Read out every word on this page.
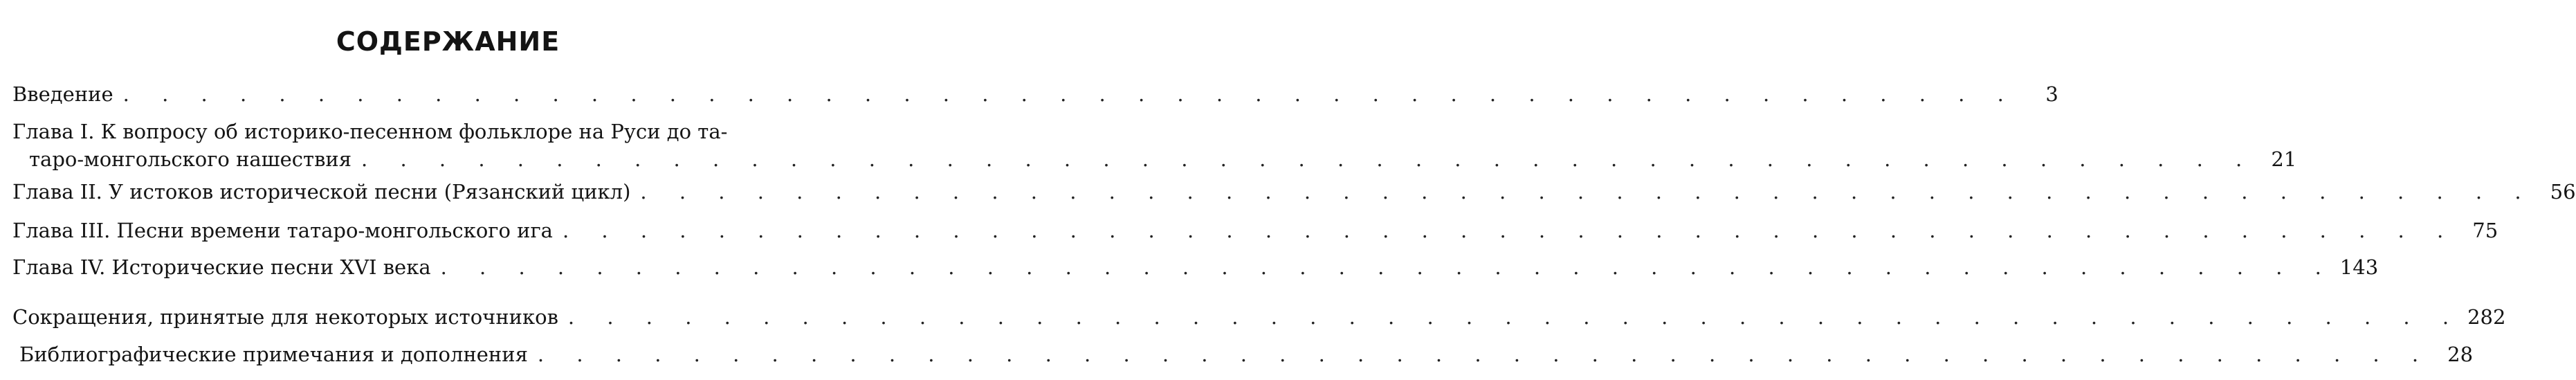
СОДЕРЖАНИЕ
Введение . . . . . . . . . . . . . . . . . . . . . . . . . . . . . . . . . . . . . . . . . . . . . . . . .	3
Глава I. К вопросу об историко-песенном фольклоре на Руси до та-
таро-монгольского нашествия . . . . . . . . . . . . . . . . . . . . . . . . . . . . . . . . . . . . . . . . . . . . . . . . . 21
Глава II. У истоков исторической песни (Рязанский цикл) . . . . . . . . . . . . . . . . . . . . . . . . . . . . . . . . . . . . . . . . . . . . . . . . . 56
Глава III. Песни времени татаро-монгольского ига . . . . . . . . . . . . . . . . . . . . . . . . . . . . . . . . . . . . . . . . . . . . . . . . . 75
Глава IV. Исторические песни XVI века . . . . . . . . . . . . . . . . . . . . . . . . . . . . . . . . . . . . . . . . . . . . . . . . . 143
Сокращения, принятые для некоторых источников . . . . . . . . . . . . . . . . . . . . . . . . . . . . . . . . . . . . . . . . . . . . . . . . . 282
Библиографические примечания и дополнения . . . . . . . . . . . . . . . . . . . . . . . . . . . . . . . . . . . . . . . . . . . . . . . . . 28
